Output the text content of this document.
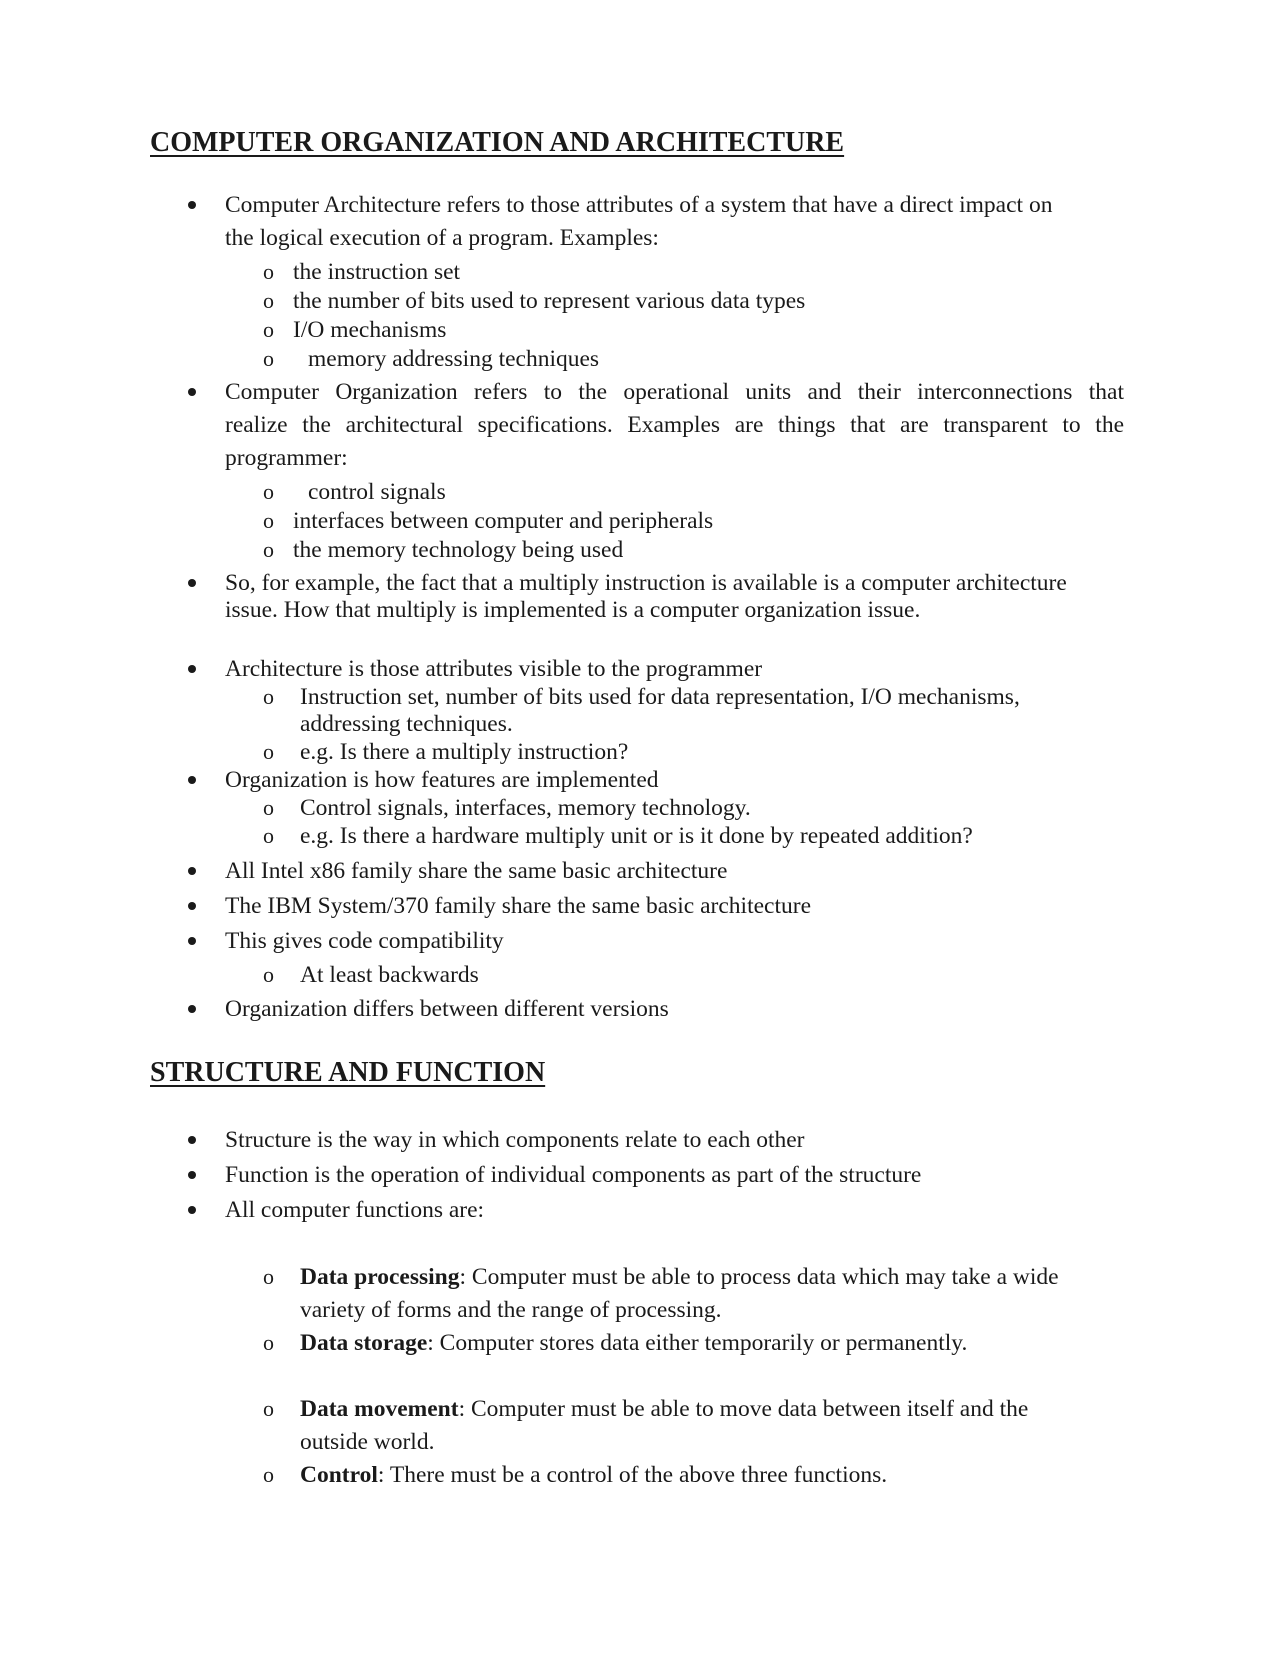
COMPUTER ORGANIZATION AND ARCHITECTURE
Computer Architecture refers to those attributes of a system that have a direct impact on
the logical execution of a program. Examples:
o the instruction set
o the number of bits used to represent various data types
o I/O mechanisms
o memory addressing techniques
Computer Organization refers to the operational units and their interconnections that
realize the architectural specifications. Examples are things that are transparent to the
programmer:
o control signals
o interfaces between computer and peripherals
o the memory technology being used
So, for example, the fact that a multiply instruction is available is a computer architecture
issue. How that multiply is implemented is a computer organization issue.
Architecture is those attributes visible to the programmer
o Instruction set, number of bits used for data representation, I/O mechanisms,
addressing techniques.
o e.g. Is there a multiply instruction?
Organization is how features are implemented
o Control signals, interfaces, memory technology.
o e.g. Is there a hardware multiply unit or is it done by repeated addition?
All Intel x86 family share the same basic architecture
The IBM System/370 family share the same basic architecture
This gives code compatibility
o At least backwards
Organization differs between different versions
STRUCTURE AND FUNCTION
Structure is the way in which components relate to each other
Function is the operation of individual components as part of the structure
All computer functions are:
o Data processing: Computer must be able to process data which may take a wide
variety of forms and the range of processing.
o Data storage: Computer stores data either temporarily or permanently.
o Data movement: Computer must be able to move data between itself and the
outside world.
o Control: There must be a control of the above three functions.
